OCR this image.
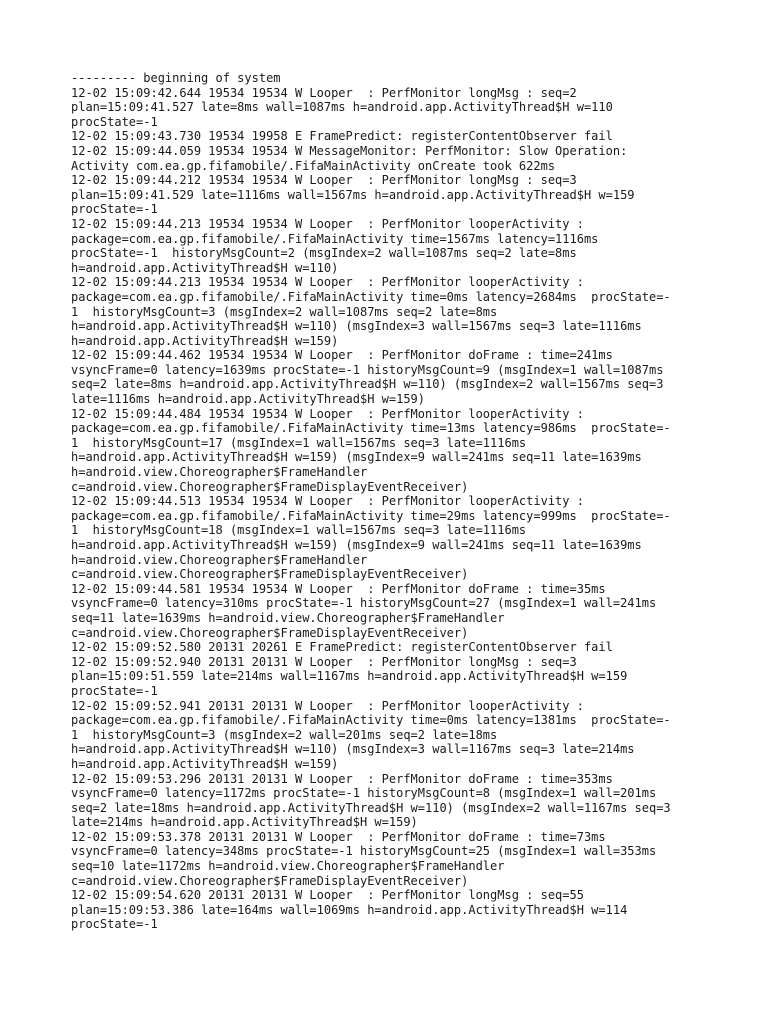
--------- beginning of system
12-02 15:09:42.644 19534 19534 W Looper  : PerfMonitor longMsg : seq=2
plan=15:09:41.527 late=8ms wall=1087ms h=android.app.ActivityThread$H w=110
procState=-1
12-02 15:09:43.730 19534 19958 E FramePredict: registerContentObserver fail
12-02 15:09:44.059 19534 19534 W MessageMonitor: PerfMonitor: Slow Operation:
Activity com.ea.gp.fifamobile/.FifaMainActivity onCreate took 622ms
12-02 15:09:44.212 19534 19534 W Looper  : PerfMonitor longMsg : seq=3
plan=15:09:41.529 late=1116ms wall=1567ms h=android.app.ActivityThread$H w=159
procState=-1
12-02 15:09:44.213 19534 19534 W Looper  : PerfMonitor looperActivity :
package=com.ea.gp.fifamobile/.FifaMainActivity time=1567ms latency=1116ms
procState=-1  historyMsgCount=2 (msgIndex=2 wall=1087ms seq=2 late=8ms
h=android.app.ActivityThread$H w=110)
12-02 15:09:44.213 19534 19534 W Looper  : PerfMonitor looperActivity :
package=com.ea.gp.fifamobile/.FifaMainActivity time=0ms latency=2684ms  procState=-
1  historyMsgCount=3 (msgIndex=2 wall=1087ms seq=2 late=8ms
h=android.app.ActivityThread$H w=110) (msgIndex=3 wall=1567ms seq=3 late=1116ms
h=android.app.ActivityThread$H w=159)
12-02 15:09:44.462 19534 19534 W Looper  : PerfMonitor doFrame : time=241ms
vsyncFrame=0 latency=1639ms procState=-1 historyMsgCount=9 (msgIndex=1 wall=1087ms
seq=2 late=8ms h=android.app.ActivityThread$H w=110) (msgIndex=2 wall=1567ms seq=3
late=1116ms h=android.app.ActivityThread$H w=159)
12-02 15:09:44.484 19534 19534 W Looper  : PerfMonitor looperActivity :
package=com.ea.gp.fifamobile/.FifaMainActivity time=13ms latency=986ms  procState=-
1  historyMsgCount=17 (msgIndex=1 wall=1567ms seq=3 late=1116ms
h=android.app.ActivityThread$H w=159) (msgIndex=9 wall=241ms seq=11 late=1639ms
h=android.view.Choreographer$FrameHandler
c=android.view.Choreographer$FrameDisplayEventReceiver)
12-02 15:09:44.513 19534 19534 W Looper  : PerfMonitor looperActivity :
package=com.ea.gp.fifamobile/.FifaMainActivity time=29ms latency=999ms  procState=-
1  historyMsgCount=18 (msgIndex=1 wall=1567ms seq=3 late=1116ms
h=android.app.ActivityThread$H w=159) (msgIndex=9 wall=241ms seq=11 late=1639ms
h=android.view.Choreographer$FrameHandler
c=android.view.Choreographer$FrameDisplayEventReceiver)
12-02 15:09:44.581 19534 19534 W Looper  : PerfMonitor doFrame : time=35ms
vsyncFrame=0 latency=310ms procState=-1 historyMsgCount=27 (msgIndex=1 wall=241ms
seq=11 late=1639ms h=android.view.Choreographer$FrameHandler
c=android.view.Choreographer$FrameDisplayEventReceiver)
12-02 15:09:52.580 20131 20261 E FramePredict: registerContentObserver fail
12-02 15:09:52.940 20131 20131 W Looper  : PerfMonitor longMsg : seq=3
plan=15:09:51.559 late=214ms wall=1167ms h=android.app.ActivityThread$H w=159
procState=-1
12-02 15:09:52.941 20131 20131 W Looper  : PerfMonitor looperActivity :
package=com.ea.gp.fifamobile/.FifaMainActivity time=0ms latency=1381ms  procState=-
1  historyMsgCount=3 (msgIndex=2 wall=201ms seq=2 late=18ms
h=android.app.ActivityThread$H w=110) (msgIndex=3 wall=1167ms seq=3 late=214ms
h=android.app.ActivityThread$H w=159)
12-02 15:09:53.296 20131 20131 W Looper  : PerfMonitor doFrame : time=353ms
vsyncFrame=0 latency=1172ms procState=-1 historyMsgCount=8 (msgIndex=1 wall=201ms
seq=2 late=18ms h=android.app.ActivityThread$H w=110) (msgIndex=2 wall=1167ms seq=3
late=214ms h=android.app.ActivityThread$H w=159)
12-02 15:09:53.378 20131 20131 W Looper  : PerfMonitor doFrame : time=73ms
vsyncFrame=0 latency=348ms procState=-1 historyMsgCount=25 (msgIndex=1 wall=353ms
seq=10 late=1172ms h=android.view.Choreographer$FrameHandler
c=android.view.Choreographer$FrameDisplayEventReceiver)
12-02 15:09:54.620 20131 20131 W Looper  : PerfMonitor longMsg : seq=55
plan=15:09:53.386 late=164ms wall=1069ms h=android.app.ActivityThread$H w=114
procState=-1
